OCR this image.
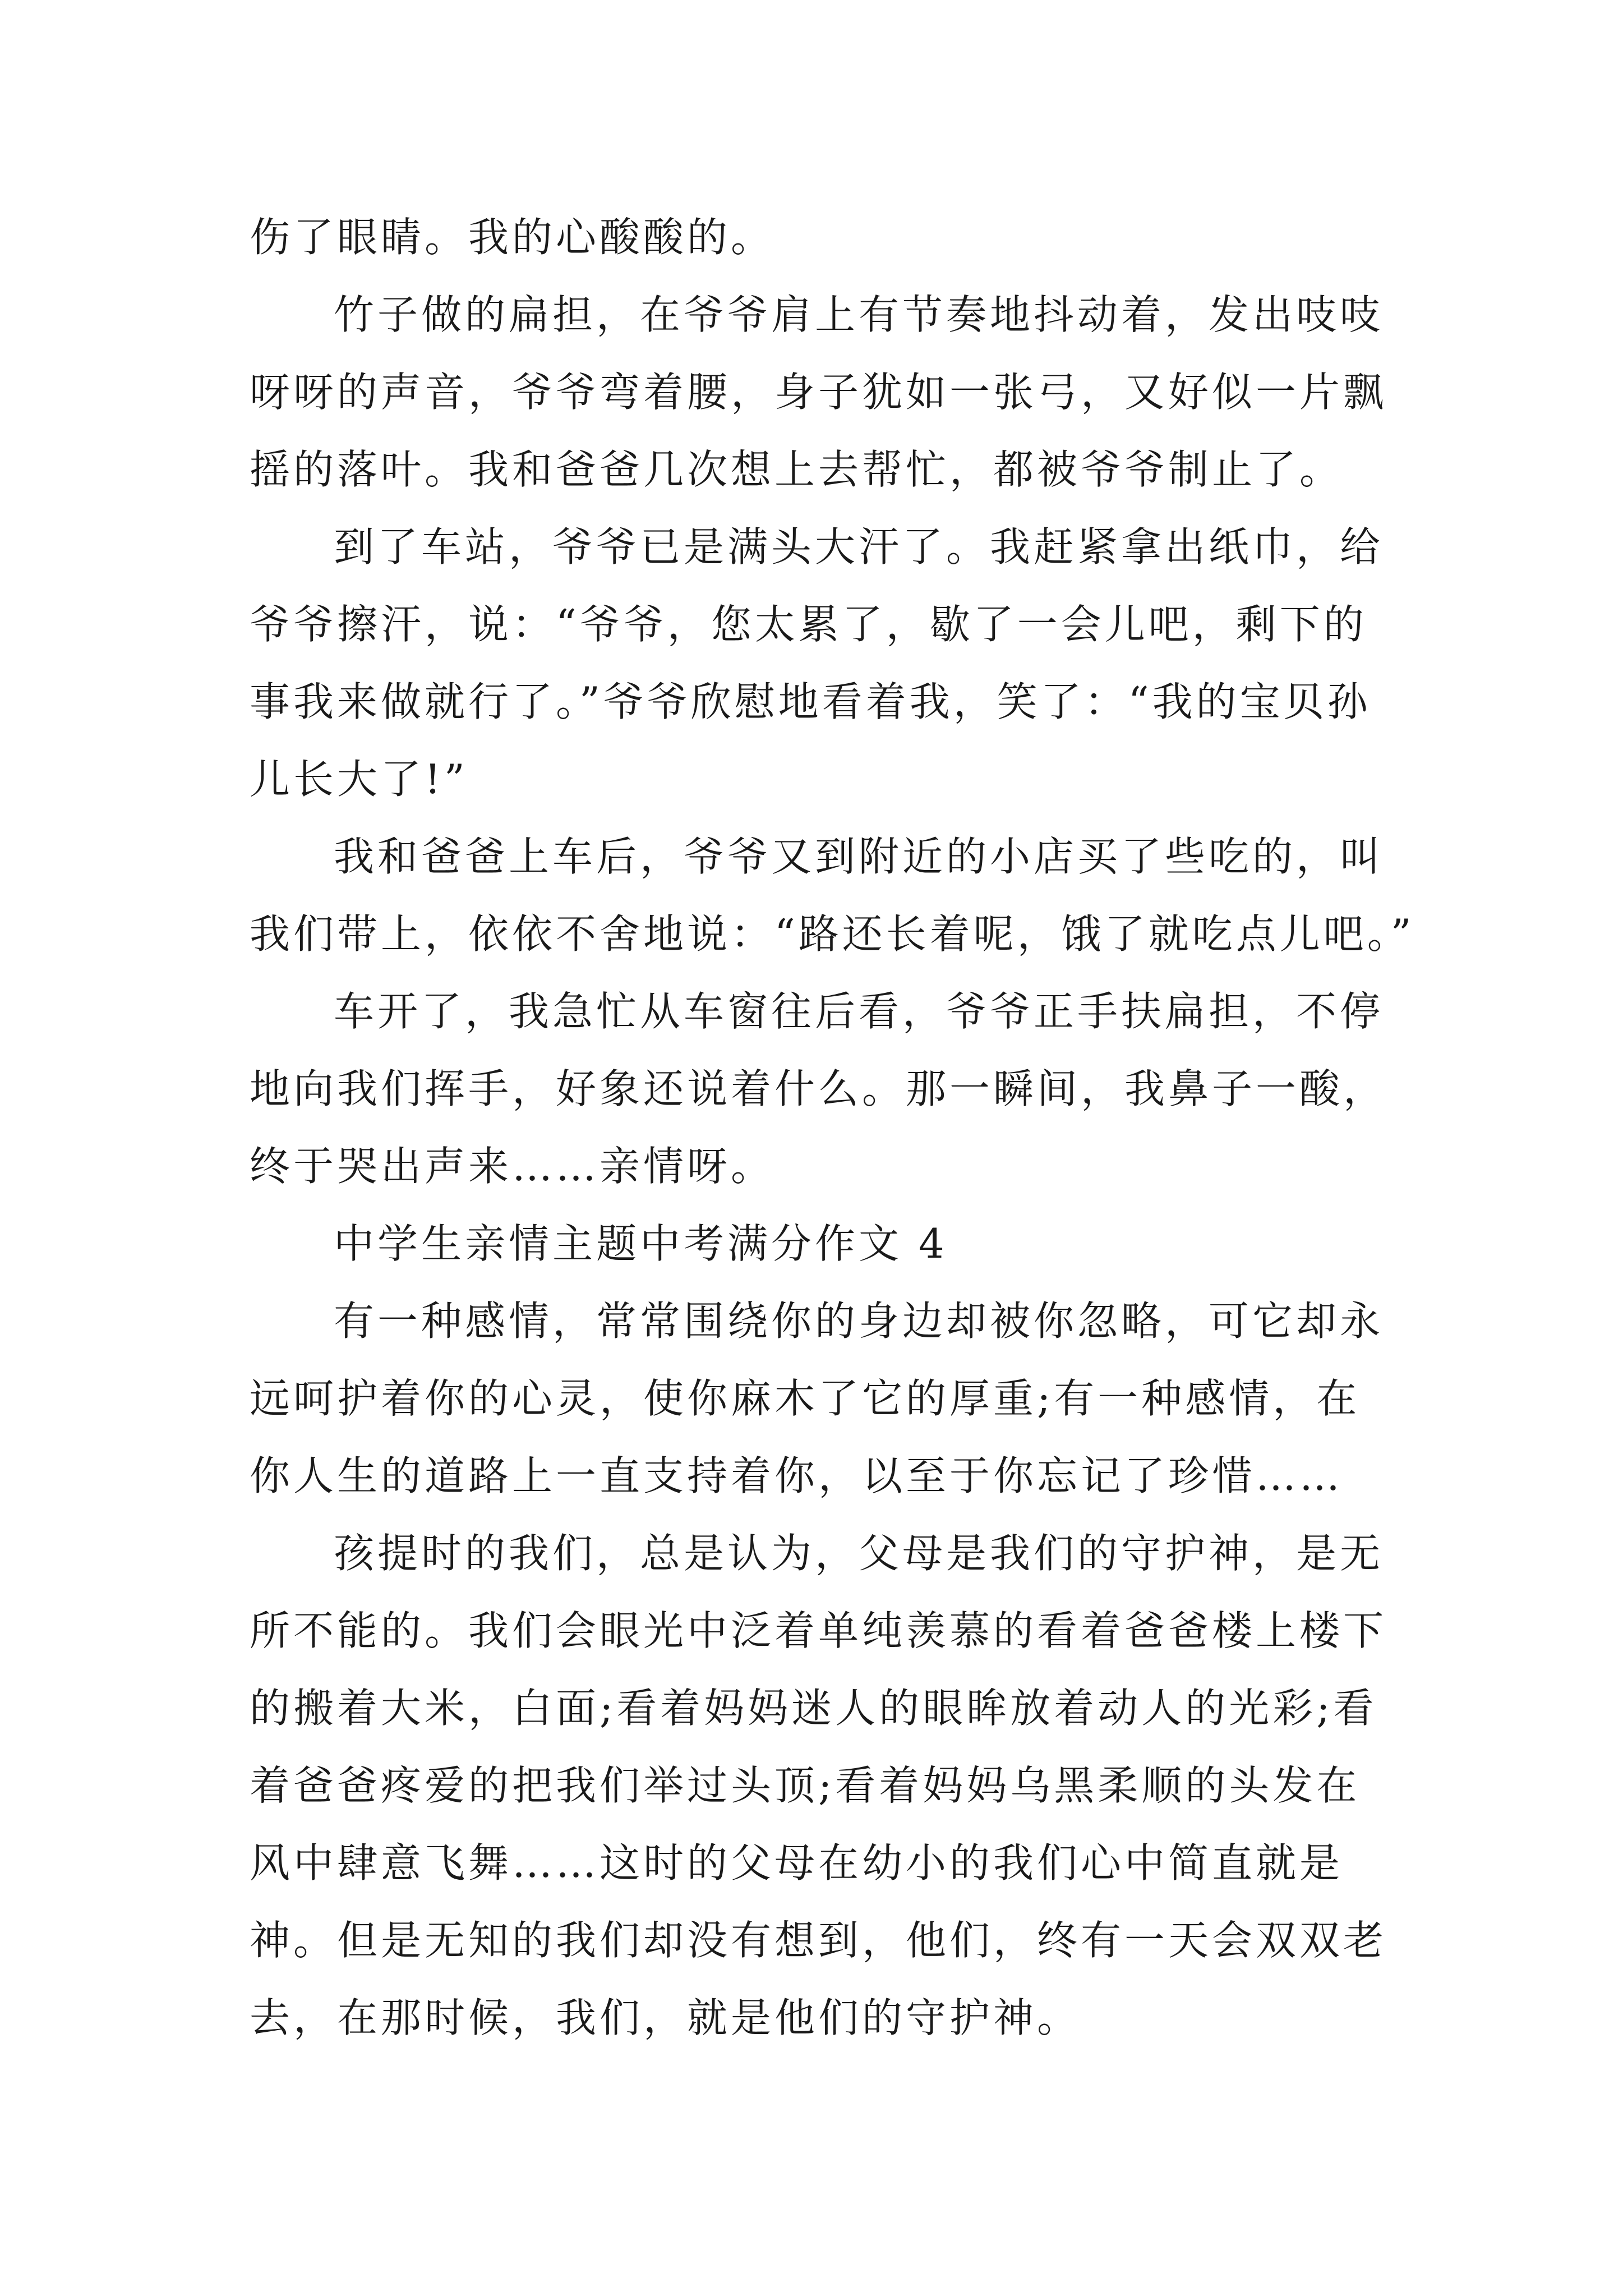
伤了眼睛。我的心酸酸的。
竹子做的扁担，在爷爷肩上有节奏地抖动着，发出吱吱
呀呀的声音，爷爷弯着腰，身子犹如一张弓，又好似一片飘
摇的落叶。我和爸爸几次想上去帮忙，都被爷爷制止了。
到了车站，爷爷已是满头大汗了。我赶紧拿出纸巾，给
爷爷擦汗，说：“爷爷，您太累了，歇了一会儿吧，剩下的
事我来做就行了。”爷爷欣慰地看着我，笑了：“我的宝贝孙
儿长大了!”
我和爸爸上车后，爷爷又到附近的小店买了些吃的，叫
我们带上，依依不舍地说：“路还长着呢，饿了就吃点儿吧。”
车开了，我急忙从车窗往后看，爷爷正手扶扁担，不停
地向我们挥手，好象还说着什么。那一瞬间，我鼻子一酸，
终于哭出声来……亲情呀。
中学生亲情主题中考满分作文 4
有一种感情，常常围绕你的身边却被你忽略，可它却永
远呵护着你的心灵，使你麻木了它的厚重;有一种感情，在
你人生的道路上一直支持着你，以至于你忘记了珍惜……
孩提时的我们，总是认为，父母是我们的守护神，是无
所不能的。我们会眼光中泛着单纯羡慕的看着爸爸楼上楼下
的搬着大米，白面;看着妈妈迷人的眼眸放着动人的光彩;看
着爸爸疼爱的把我们举过头顶;看着妈妈乌黑柔顺的头发在
风中肆意飞舞……这时的父母在幼小的我们心中简直就是
神。但是无知的我们却没有想到，他们，终有一天会双双老
去，在那时候，我们，就是他们的守护神。
